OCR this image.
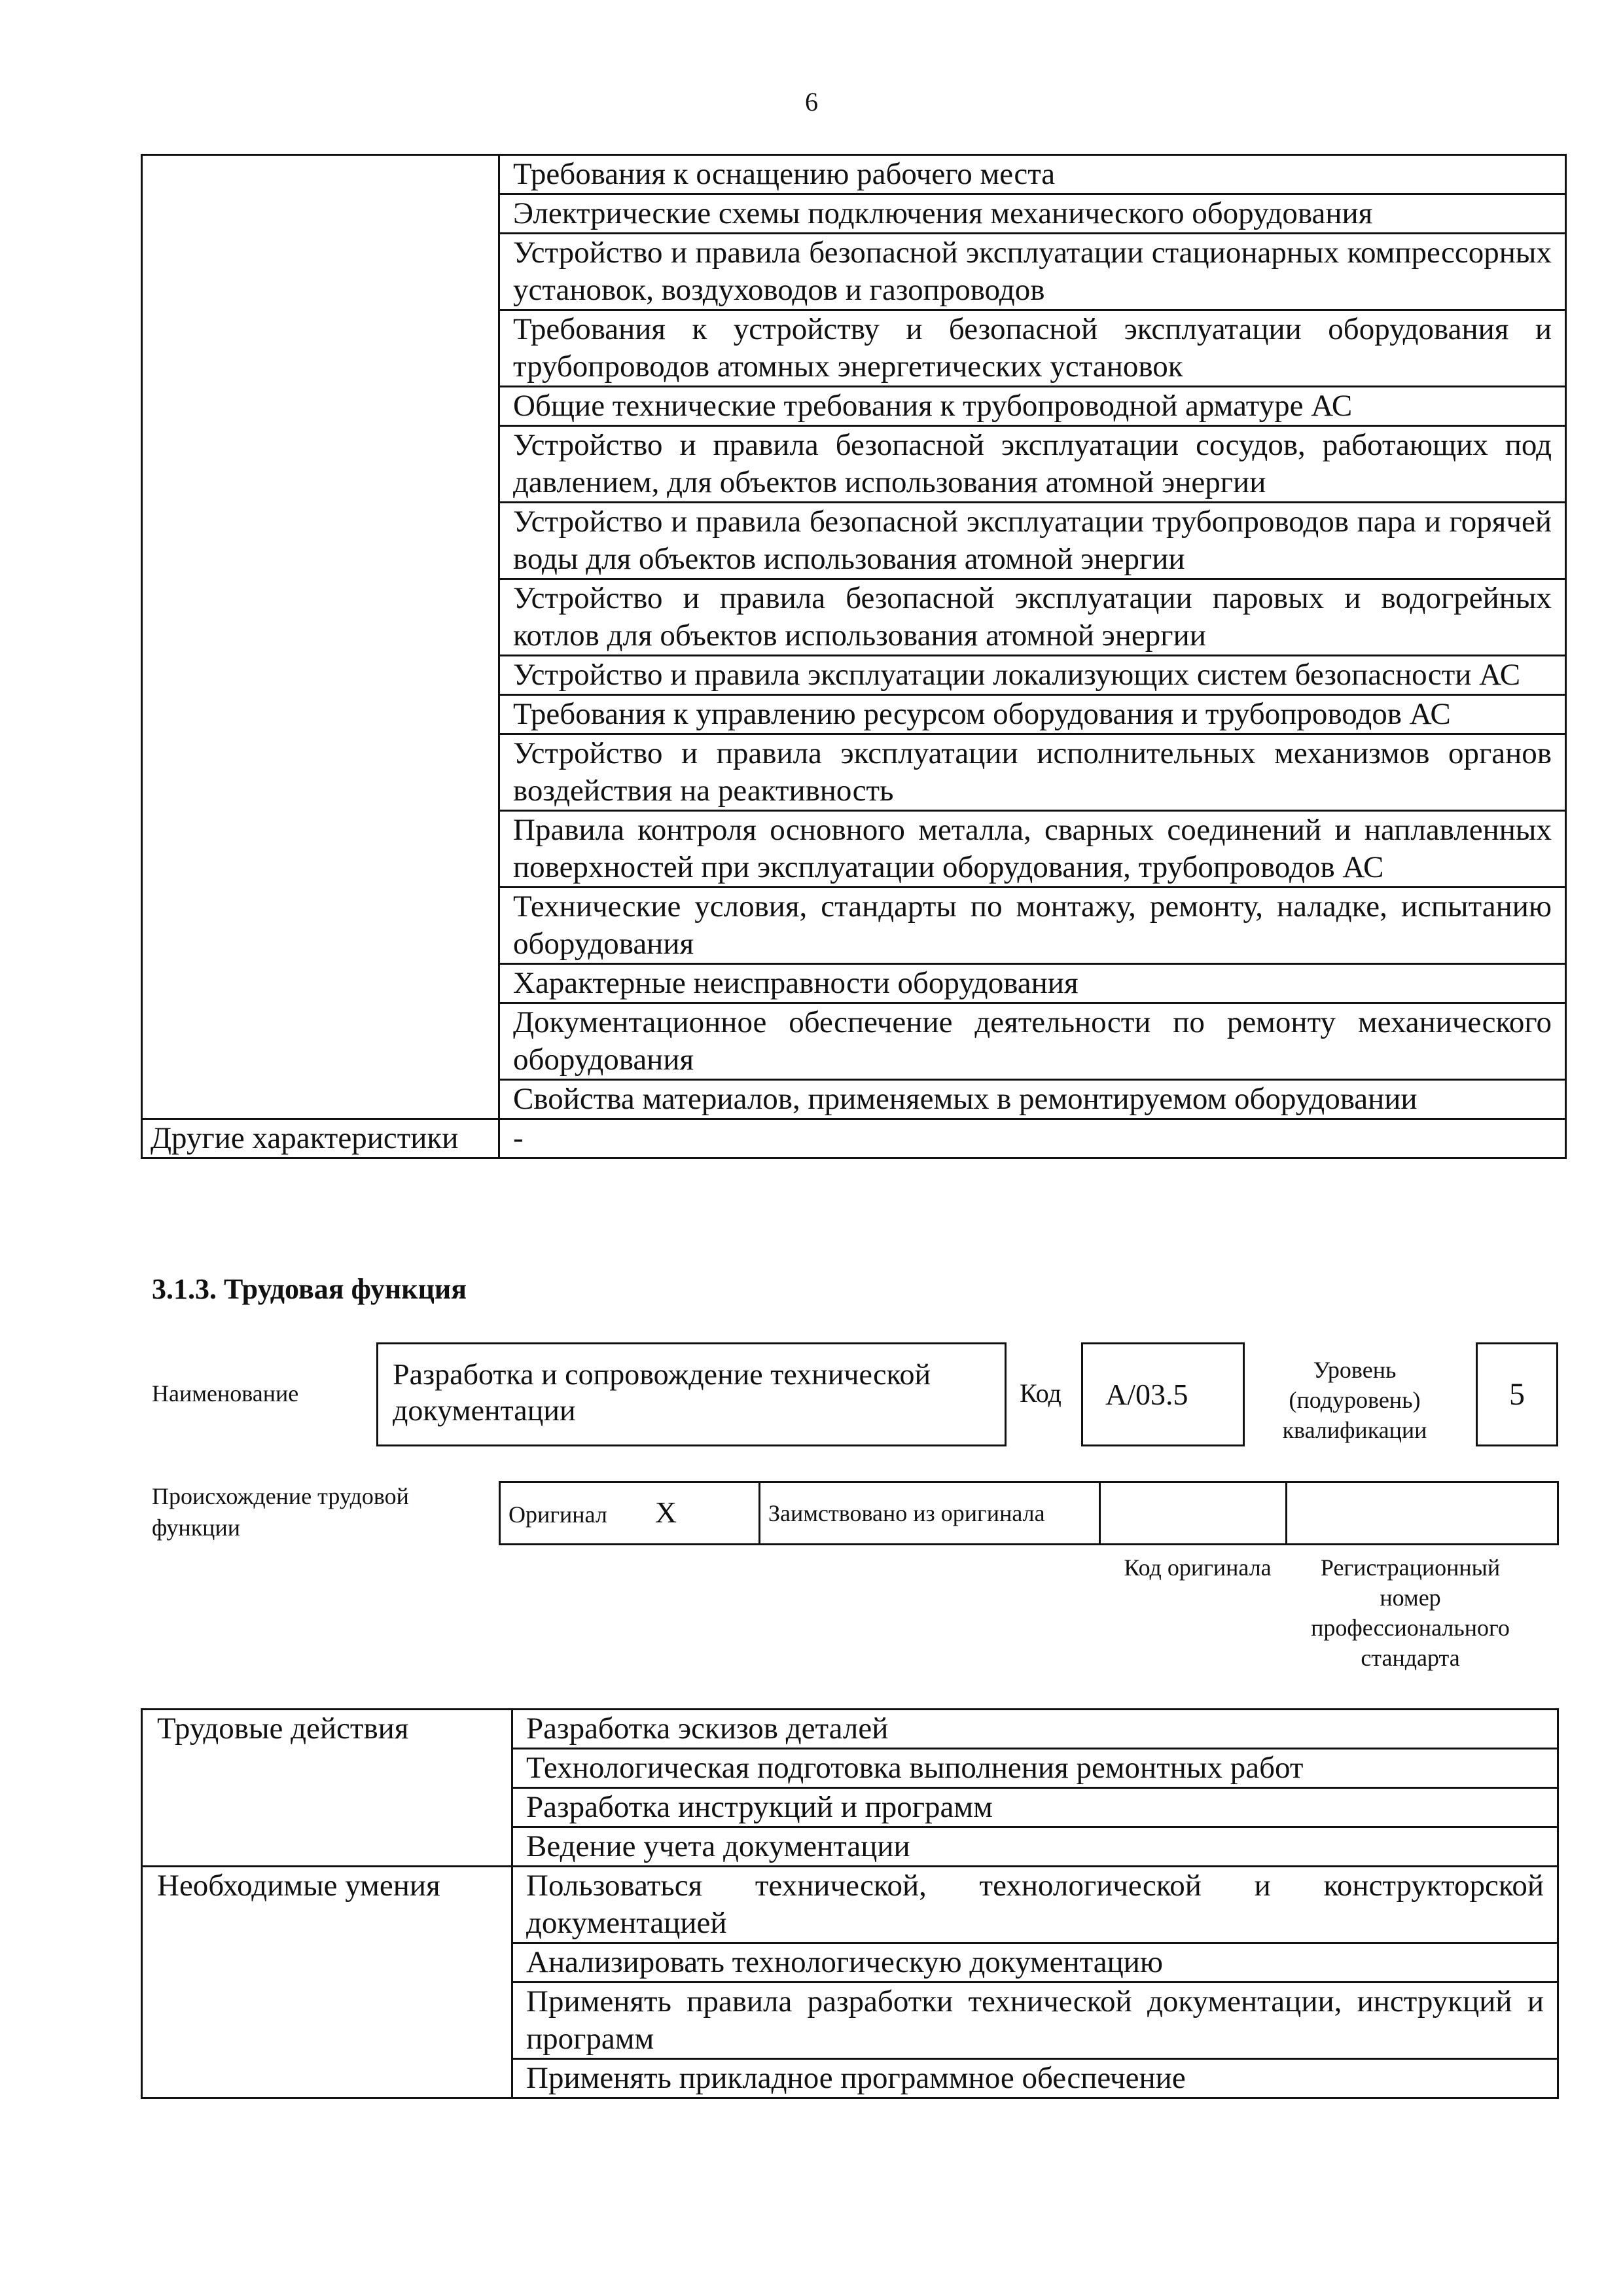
6
	Требования к оснащению рабочего места
	Электрические схемы подключения механического оборудования
	Устройство и правила безопасной эксплуатации стационарных компрессорных установок, воздуховодов и газопроводов
	Требования к устройству и безопасной эксплуатации оборудования и трубопроводов атомных энергетических установок
	Общие технические требования к трубопроводной арматуре АС
	Устройство и правила безопасной эксплуатации сосудов, работающих под давлением, для объектов использования атомной энергии
	Устройство и правила безопасной эксплуатации трубопроводов пара и горячей воды для объектов использования атомной энергии
	Устройство и правила безопасной эксплуатации паровых и водогрейных котлов для объектов использования атомной энергии
	Устройство и правила эксплуатации локализующих систем безопасности АС
	Требования к управлению ресурсом оборудования и трубопроводов АС
	Устройство и правила эксплуатации исполнительных механизмов органов воздействия на реактивность
	Правила контроля основного металла, сварных соединений и наплавленных поверхностей при эксплуатации оборудования, трубопроводов АС
	Технические условия, стандарты по монтажу, ремонту, наладке, испытанию оборудования
	Характерные неисправности оборудования
	Документационное обеспечение деятельности по ремонту механического оборудования
	Свойства материалов, применяемых в ремонтируемом оборудовании
Другие характеристики	-
3.1.3. Трудовая функция
Наименование
Разработка и сопровождение технической документации
Код	A/03.5
Уровень (подуровень) квалификации
5
Происхождение трудовой функции
Оригинал X	Заимствовано из оригинала		
Код оригинала	Регистрационный номер профессионального стандарта
Трудовые действия	Разработка эскизов деталей
	Технологическая подготовка выполнения ремонтных работ
	Разработка инструкций и программ
	Ведение учета документации
Необходимые умения	Пользоваться технической, технологической и конструкторской документацией
	Анализировать технологическую документацию
	Применять правила разработки технической документации, инструкций и программ
	Применять прикладное программное обеспечение
